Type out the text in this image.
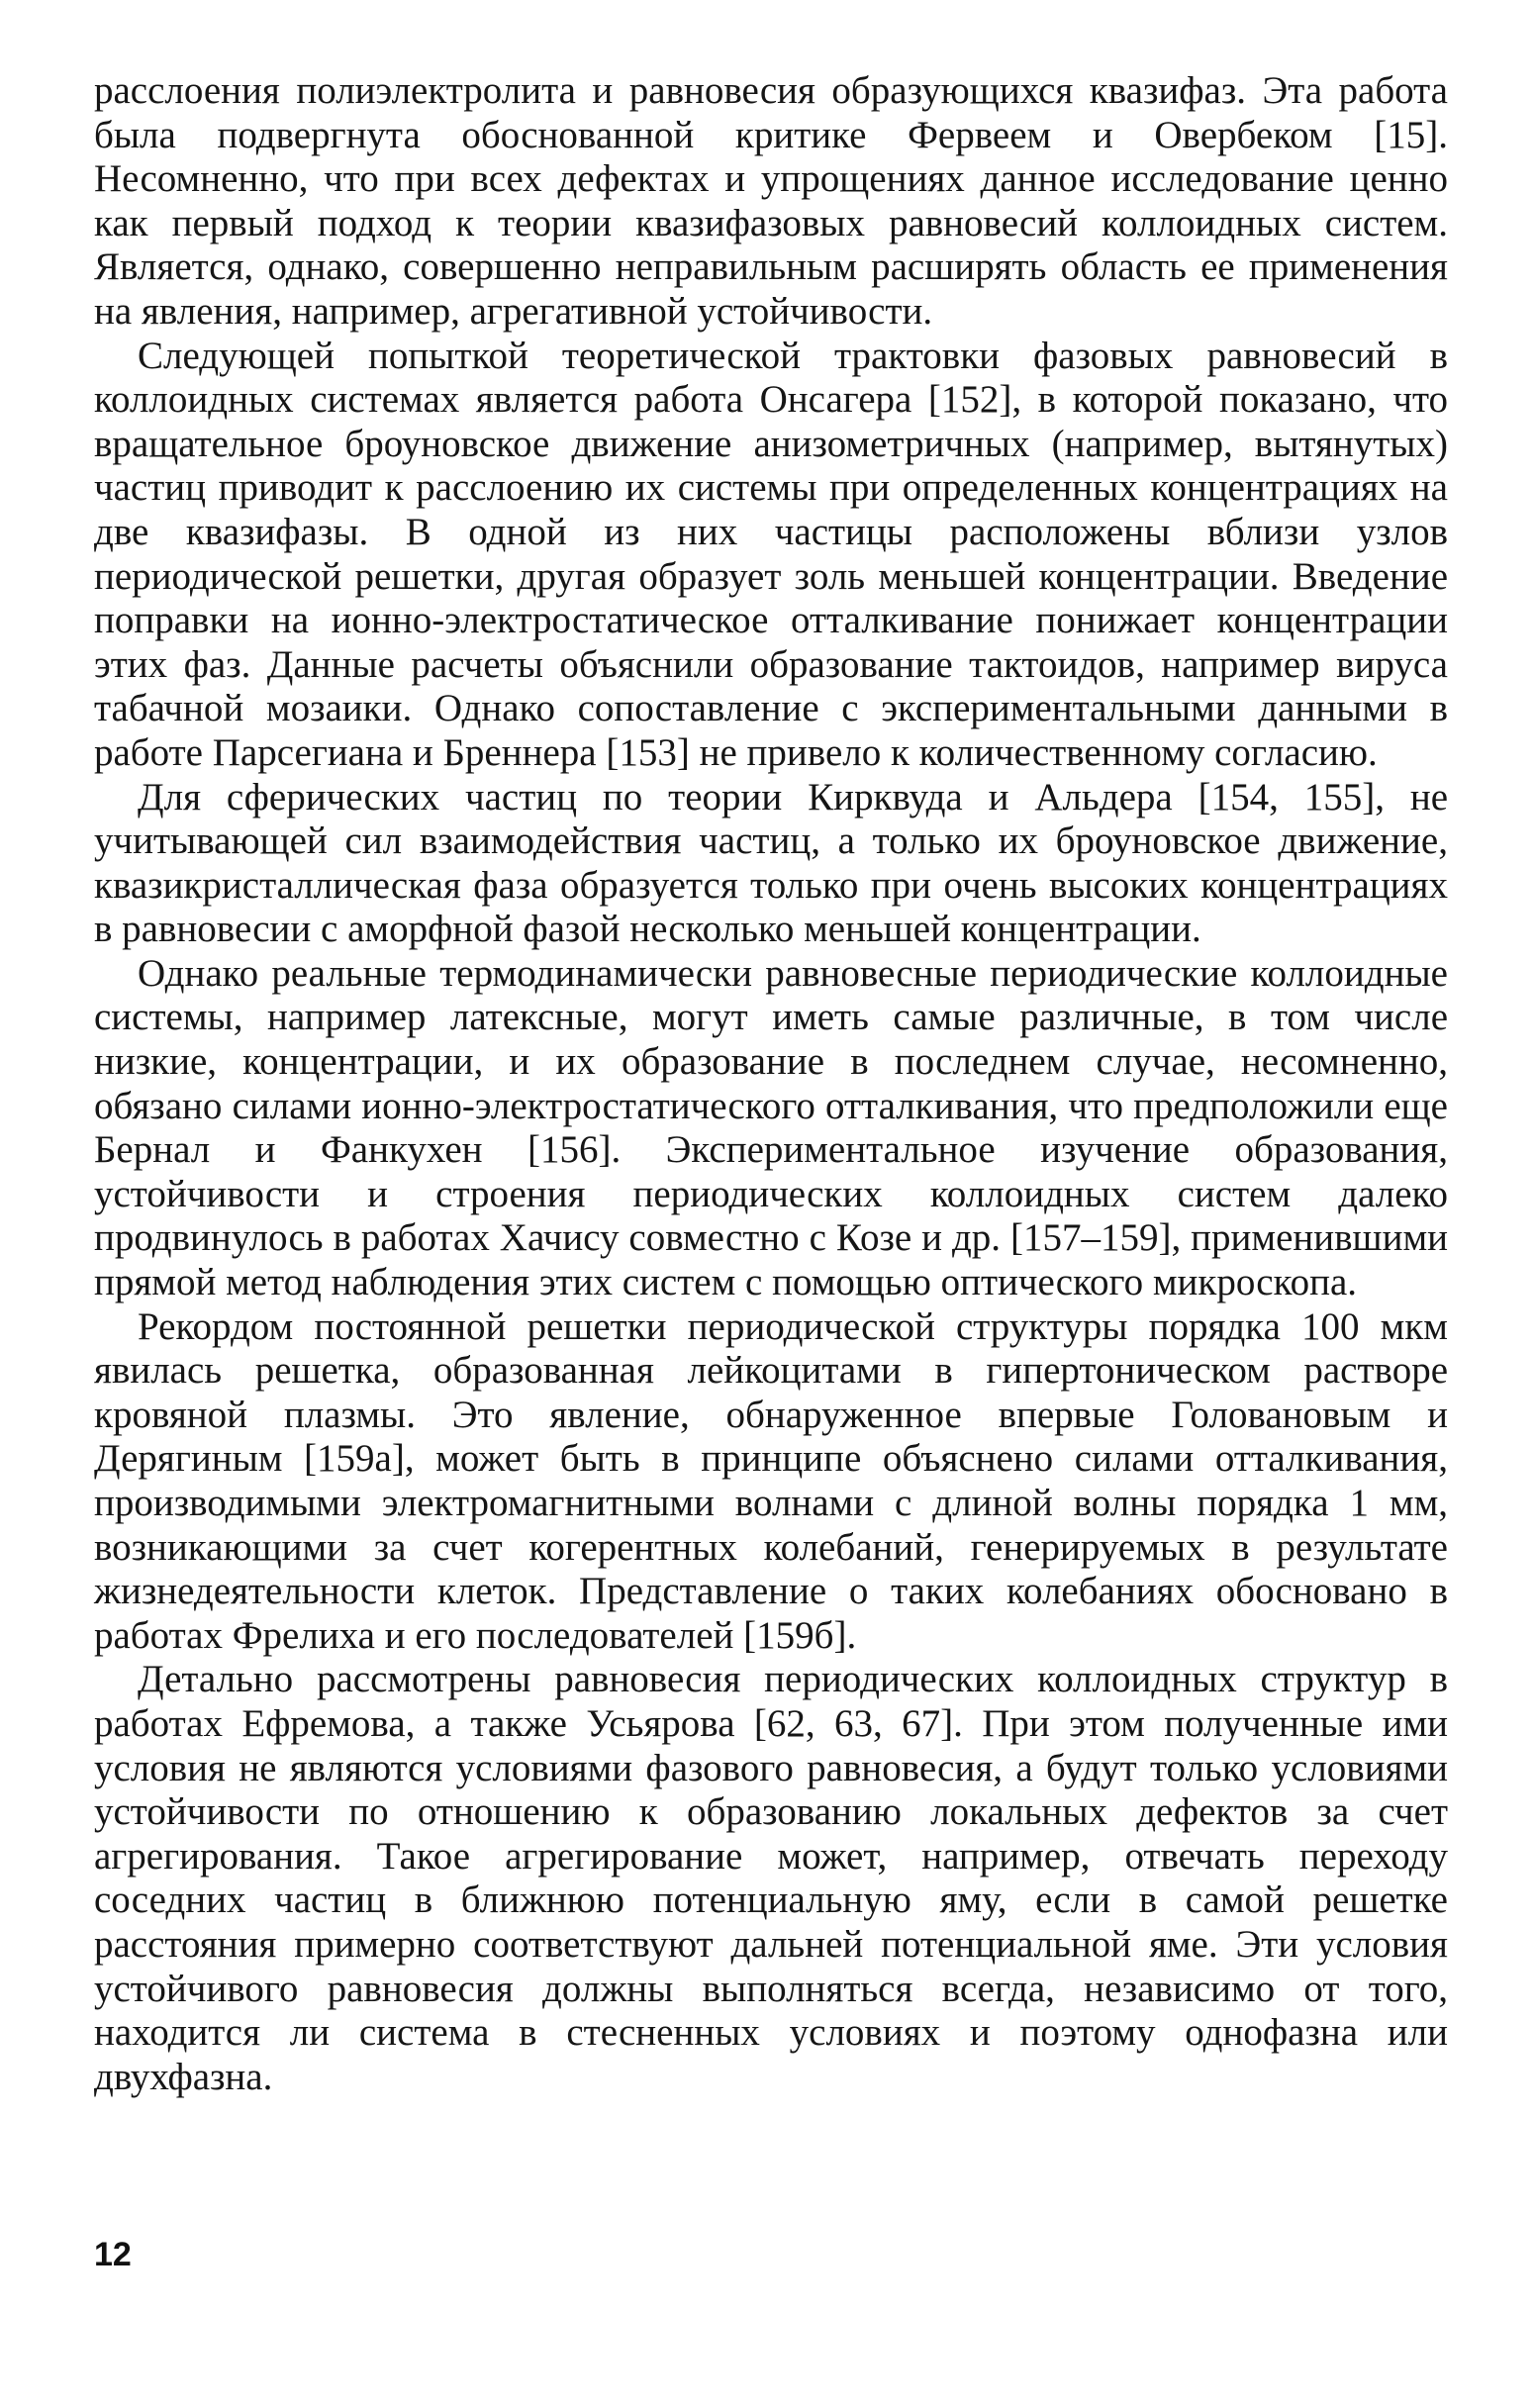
расслоения полиэлектролита и равновесия образующихся квазифаз. Эта работа была подвергнута обоснованной критике Фервеем и Овербеком [15]. Несомненно, что при всех дефектах и упрощениях данное исследование ценно как первый подход к теории квазифазовых равновесий коллоидных систем. Является, однако, совершенно неправильным расширять область ее применения на явления, например, агрегативной устойчивости.

Следующей попыткой теоретической трактовки фазовых равновесий в коллоидных системах является работа Онсагера [152], в которой показано, что вращательное броуновское движение анизометричных (например, вытянутых) частиц приводит к расслоению их системы при определенных концентрациях на две квазифазы. В одной из них частицы расположены вблизи узлов периодической решетки, другая образует золь меньшей концентрации. Введение поправки на ионно-электростатическое отталкивание понижает концентрации этих фаз. Данные расчеты объяснили образование тактоидов, например вируса табачной мозаики. Однако сопоставление с экспериментальными данными в работе Парсегиана и Бреннера [153] не привело к количественному согласию.

Для сферических частиц по теории Кирквуда и Альдера [154, 155], не учитывающей сил взаимодействия частиц, а только их броуновское движение, квазикристаллическая фаза образуется только при очень высоких концентрациях в равновесии с аморфной фазой несколько меньшей концентрации.

Однако реальные термодинамически равновесные периодические коллоидные системы, например латексные, могут иметь самые различные, в том числе низкие, концентрации, и их образование в последнем случае, несомненно, обязано силами ионно-электростатического отталкивания, что предположили еще Бернал и Фанкухен [156]. Экспериментальное изучение образования, устойчивости и строения периодических коллоидных систем далеко продвинулось в работах Хачису совместно с Козе и др. [157–159], применившими прямой метод наблюдения этих систем с помощью оптического микроскопа.

Рекордом постоянной решетки периодической структуры порядка 100 мкм явилась решетка, образованная лейкоцитами в гипертоническом растворе кровяной плазмы. Это явление, обнаруженное впервые Головановым и Дерягиным [159а], может быть в принципе объяснено силами отталкивания, производимыми электромагнитными волнами с длиной волны порядка 1 мм, возникающими за счет когерентных колебаний, генерируемых в результате жизнедеятельности клеток. Представление о таких колебаниях обосновано в работах Фрелиха и его последователей [159б].

Детально рассмотрены равновесия периодических коллоидных структур в работах Ефремова, а также Усьярова [62, 63, 67]. При этом полученные ими условия не являются условиями фазового равновесия, а будут только условиями устойчивости по отношению к образованию локальных дефектов за счет агрегирования. Такое агрегирование может, например, отвечать переходу соседних частиц в ближнюю потенциальную яму, если в самой решетке расстояния примерно соответствуют дальней потенциальной яме. Эти условия устойчивого равновесия должны выполняться всегда, независимо от того, находится ли система в стесненных условиях и поэтому однофазна или двухфазна.

12
